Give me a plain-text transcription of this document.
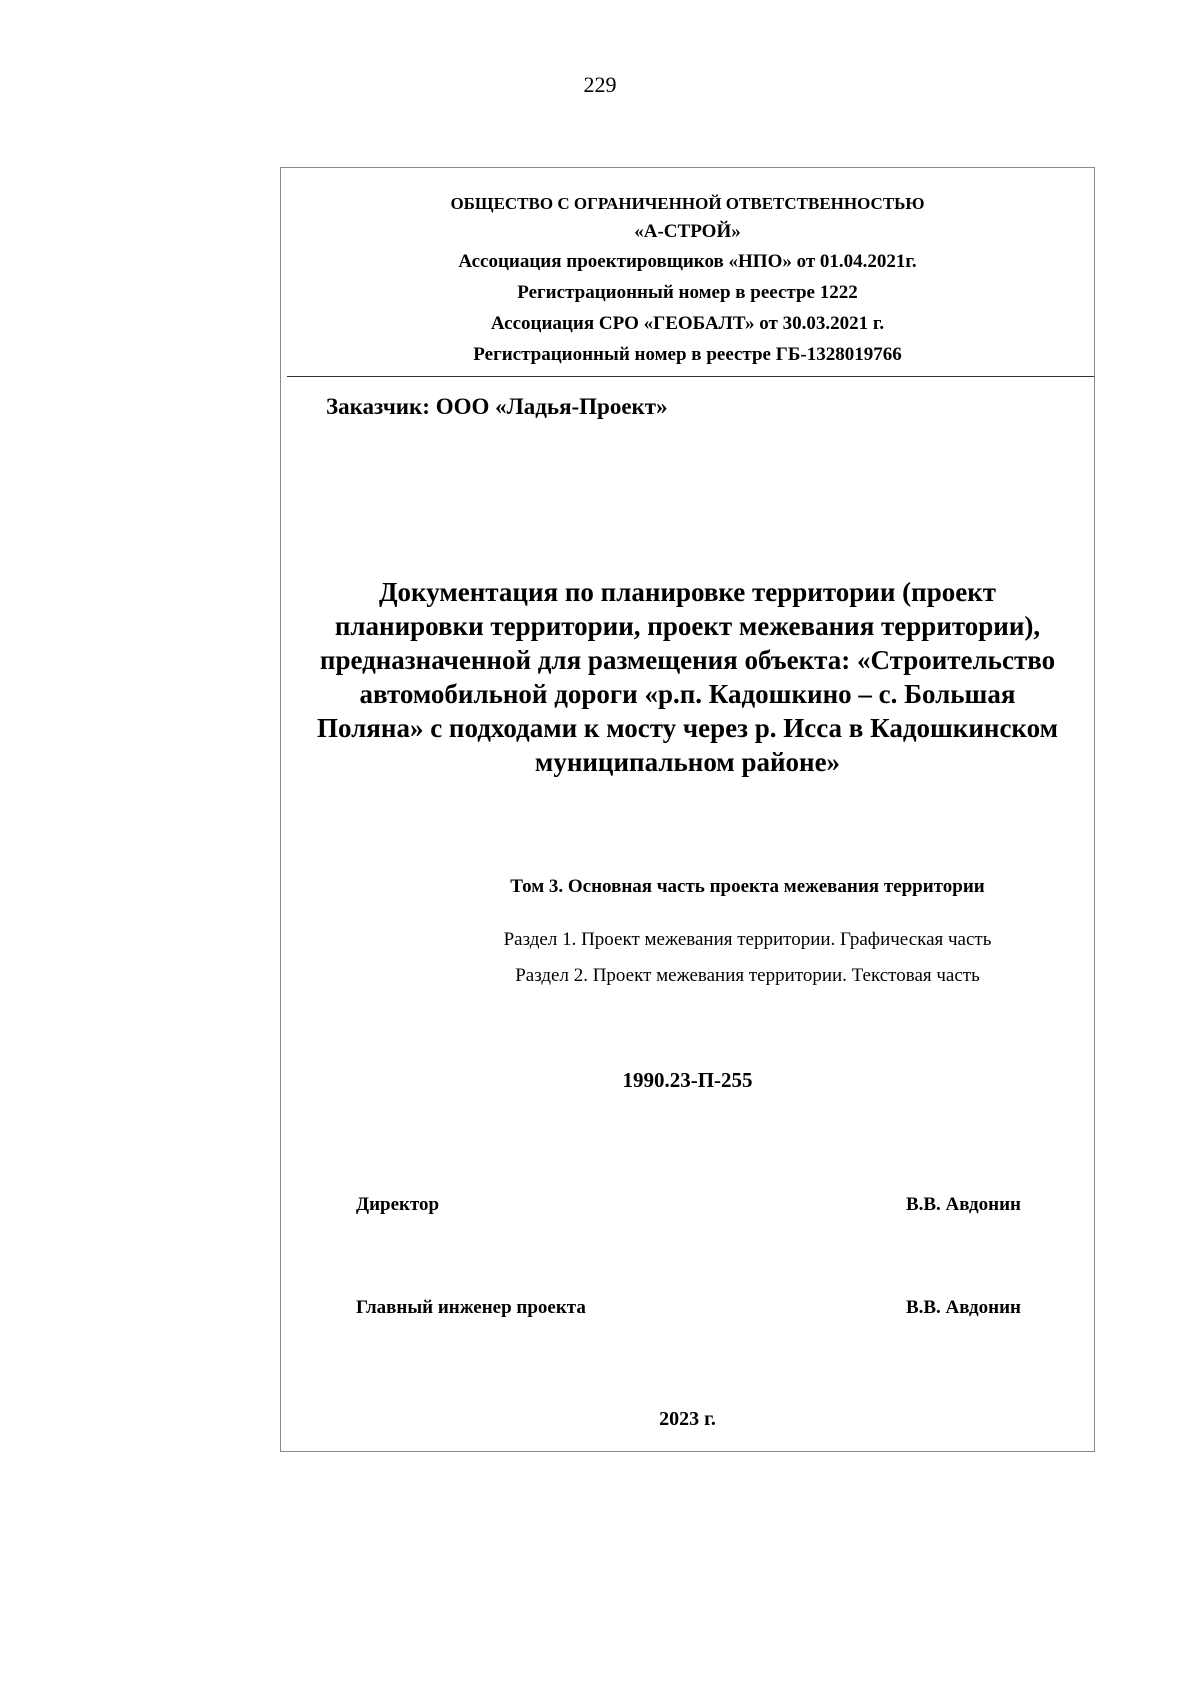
229
ОБЩЕСТВО С ОГРАНИЧЕННОЙ ОТВЕТСТВЕННОСТЬЮ
«А-СТРОЙ»
Ассоциация проектировщиков «НПО» от 01.04.2021г.
Регистрационный номер в реестре 1222
Ассоциация СРО «ГЕОБАЛТ» от 30.03.2021 г.
Регистрационный номер в реестре ГБ-1328019766
Заказчик: ООО «Ладья-Проект»
Документация по планировке территории (проект
планировки территории, проект межевания территории),
предназначенной для размещения объекта: «Строительство
автомобильной дороги «р.п. Кадошкино – с. Большая
Поляна» с подходами к мосту через р. Исса в Кадошкинском
муниципальном районе»
Том 3. Основная часть проекта межевания территории
Раздел 1. Проект межевания территории. Графическая часть
Раздел 2. Проект межевания территории. Текстовая часть
1990.23-П-255
Директор	В.В. Авдонин
Главный инженер проекта	В.В. Авдонин
2023 г.
